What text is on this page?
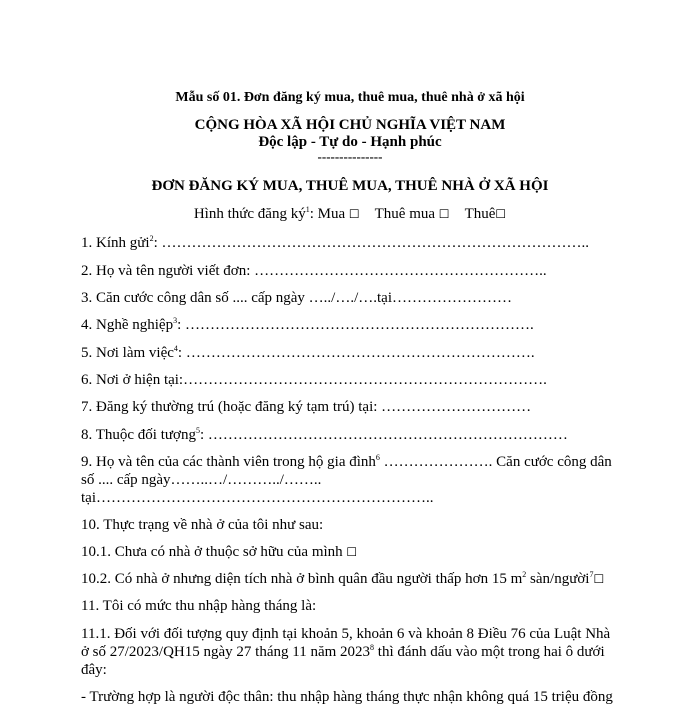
Mẫu số 01. Đơn đăng ký mua, thuê mua, thuê nhà ở xã hội
CỘNG HÒA XÃ HỘI CHỦ NGHĨA VIỆT NAM
Độc lập - Tự do - Hạnh phúc
---------------
ĐƠN ĐĂNG KÝ MUA, THUÊ MUA, THUÊ NHÀ Ở XÃ HỘI
Hình thức đăng $ký^1$: Mua ☐ Thuê mua ☐ Thuê☐
1. Kính gửi$^2$: …………………………………………………………………………..
2. Họ và tên người viết đơn: …………………………………………………..
3. Căn cước công dân số .... cấp ngày …../…./….tại……………………
4. Nghề nghiệp$^3$: …………………………………………………………….
5. Nơi làm việc$^4$: …………………………………………………………….
6. Nơi ở hiện tại:……………………………………………………………….
7. Đăng ký thường trú (hoặc đăng ký tạm trú) tại: …………………………
8. Thuộc đối tượng$^5$: ………………………………………………………………
9. Họ và tên của các thành viên trong hộ gia đình$^6$ …………………. Căn cước công dân
số .... cấp ngày……..…/………../……..
tại…………………………………………………………..
10. Thực trạng về nhà ở của tôi như sau:
10.1. Chưa có nhà ở thuộc sở hữu của mình ☐
10.2. Có nhà ở nhưng diện tích nhà ở bình quân đầu người thấp hơn 15 $m^2$ sàn/người$^7$☐
11. Tôi có mức thu nhập hàng tháng là:
11.1. Đối với đối tượng quy định tại khoản 5, khoản 6 và khoản 8 Điều 76 của Luật Nhà
ở số 27/2023/QH15 ngày 27 tháng 11 năm 2023$^8$ thì đánh dấu vào một trong hai ô dưới
đây:
- Trường hợp là người độc thân: thu nhập hàng tháng thực nhận không quá 15 triệu đồng
